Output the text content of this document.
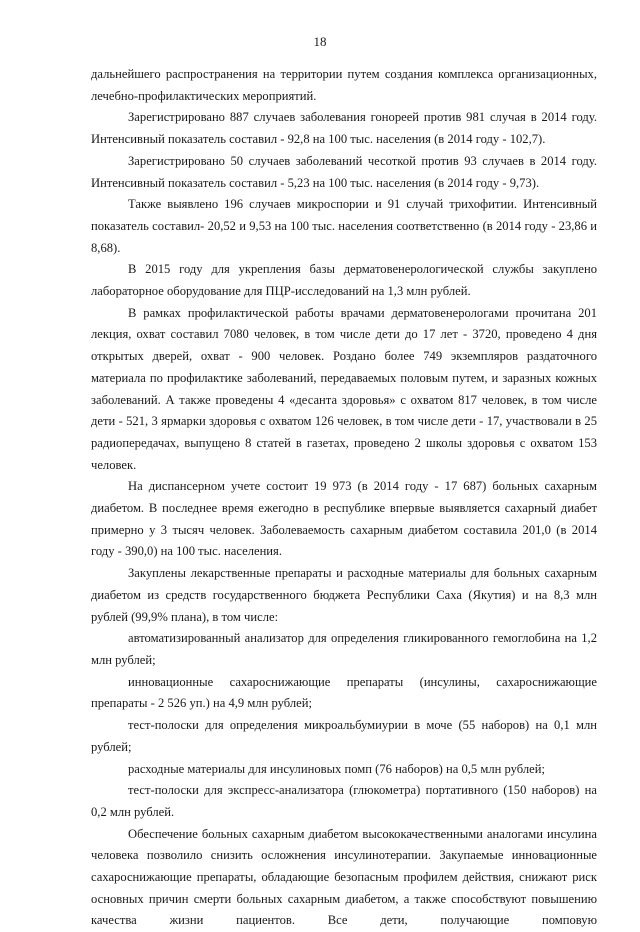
18

дальнейшего распространения на территории путем создания комплекса организационных, лечебно-профилактических мероприятий.

Зарегистрировано 887 случаев заболевания гонореей против 981 случая в 2014 году. Интенсивный показатель составил - 92,8 на 100 тыс. населения (в 2014 году - 102,7).

Зарегистрировано 50 случаев заболеваний чесоткой против 93 случаев в 2014 году. Интенсивный показатель составил - 5,23 на 100 тыс. населения (в 2014 году - 9,73).

Также выявлено 196 случаев микроспории и 91 случай трихофитии. Интенсивный показатель составил- 20,52 и 9,53 на 100 тыс. населения соответственно (в 2014 году - 23,86 и 8,68).

В 2015 году для укрепления базы дерматовенерологической службы закуплено лабораторное оборудование для ПЦР-исследований на 1,3 млн рублей.

В рамках профилактической работы врачами дерматовенерологами прочитана 201 лекция, охват составил 7080 человек, в том числе дети до 17 лет - 3720, проведено 4 дня открытых дверей, охват - 900 человек. Роздано более 749 экземпляров раздаточного материала по профилактике заболеваний, передаваемых половым путем, и заразных кожных заболеваний. А также проведены 4 «десанта здоровья» с охватом 817 человек, в том числе дети - 521, 3 ярмарки здоровья с охватом 126 человек, в том числе дети - 17, участвовали в 25 радиопередачах, выпущено 8 статей в газетах, проведено 2 школы здоровья с охватом 153 человек.

На диспансерном учете состоит 19 973 (в 2014 году - 17 687) больных сахарным диабетом. В последнее время ежегодно в республике впервые выявляется сахарный диабет примерно у 3 тысяч человек. Заболеваемость сахарным диабетом составила 201,0 (в 2014 году - 390,0) на 100 тыс. населения.

Закуплены лекарственные препараты и расходные материалы для больных сахарным диабетом из средств государственного бюджета Республики Саха (Якутия) и на 8,3 млн рублей (99,9% плана), в том числе:

автоматизированный анализатор для определения гликированного гемоглобина на 1,2 млн рублей;

инновационные сахароснижающие препараты (инсулины, сахароснижающие препараты - 2 526 уп.) на 4,9 млн рублей;

тест-полоски для определения микроальбумиурии в моче (55 наборов) на 0,1 млн рублей;

расходные материалы для инсулиновых помп (76 наборов) на 0,5 млн рублей;

тест-полоски для экспресс-анализатора (глюкометра) портативного (150 наборов) на 0,2 млн рублей.

Обеспечение больных сахарным диабетом высококачественными аналогами инсулина человека позволило снизить осложнения инсулинотерапии. Закупаемые инновационные сахароснижающие препараты, обладающие безопасным профилем действия, снижают риск основных причин смерти больных сахарным диабетом, а также способствуют повышению качества жизни пациентов. Все дети, получающие помповую
